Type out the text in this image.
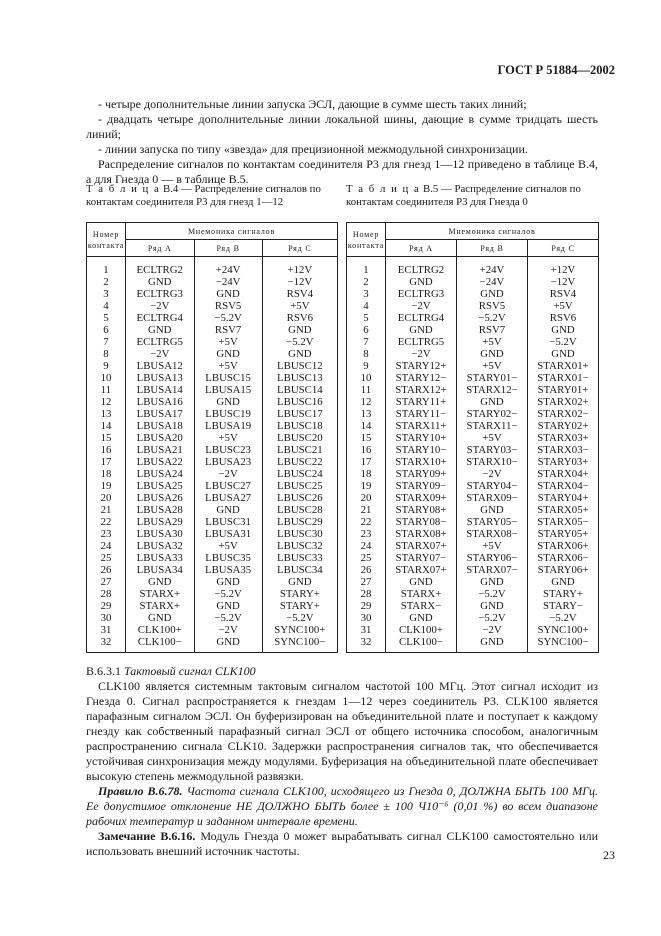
ГОСТ Р 51884—2002

- четыре дополнительные линии запуска ЭСЛ, дающие в сумме шесть таких линий;

- двадцать четыре дополнительные линии локальной шины, дающие в сумме тридцать шесть линий;

- линии запуска по типу «звезда» для прецизионной межмодульной синхронизации.

Распределение сигналов по контактам соединителя Р3 для гнезд 1—12 приведено в таблице В.4, а для Гнезда 0 — в таблице В.5.

Т а б л и ц а В.4 — Распределение сигналов по контактам соединителя Р3 для гнезд 1—12
Т а б л и ц а В.5 — Распределение сигналов по контактам соединителя Р3 для Гнезда 0
Номер контакта	Мнемоника сигналов		
	Ряд А	Ряд В	Ряд С

1	ECLTRG2	+24V	+12V
2	GND	−24V	−12V
3	ECLTRG3	GND	RSV4
4	−2V	RSV5	+5V
5	ECLTRG4	−5.2V	RSV6
6	GND	RSV7	GND
7	ECLTRG5	+5V	−5.2V
8	−2V	GND	GND
9	LBUSA12	+5V	LBUSC12
10	LBUSA13	LBUSC15	LBUSC13
11	LBUSA14	LBUSA15	LBUSC14
12	LBUSA16	GND	LBUSC16
13	LBUSA17	LBUSC19	LBUSC17
14	LBUSA18	LBUSA19	LBUSC18
15	LBUSA20	+5V	LBUSC20
16	LBUSA21	LBUSC23	LBUSC21
17	LBUSA22	LBUSA23	LBUSC22
18	LBUSA24	−2V	LBUSC24
19	LBUSA25	LBUSC27	LBUSC25
20	LBUSA26	LBUSA27	LBUSC26
21	LBUSA28	GND	LBUSC28
22	LBUSA29	LBUSC31	LBUSC29
23	LBUSA30	LBUSA31	LBUSC30
24	LBUSA32	+5V	LBUSC32
25	LBUSA33	LBUSC35	LBUSC33
26	LBUSA34	LBUSA35	LBUSC34
27	GND	GND	GND
28	STARX+	−5.2V	STARY+
29	STARX+	GND	STARY+
30	GND	−5.2V	−5.2V
31	CLK100+	−2V	SYNC100+
32	CLK100−	GND	SYNC100−
Номер контакта	Мнемоника сигналов		
	Ряд А	Ряд В	Ряд С

1	ECLTRG2	+24V	+12V
2	GND	−24V	−12V
3	ECLTRG3	GND	RSV4
4	−2V	RSV5	+5V
5	ECLTRG4	−5.2V	RSV6
6	GND	RSV7	GND
7	ECLTRG5	+5V	−5.2V
8	−2V	GND	GND
9	STARY12+	+5V	STARX01+
10	STARY12−	STARY01−	STARX01−
11	STARX12+	STARX12−	STARY01+
12	STARY11+	GND	STARX02+
13	STARY11−	STARY02−	STARX02−
14	STARX11+	STARX11−	STARY02+
15	STARY10+	+5V	STARX03+
16	STARY10−	STARY03−	STARX03−
17	STARX10+	STARX10−	STARY03+
18	STARY09+	−2V	STARX04+
19	STARY09−	STARY04−	STARX04−
20	STARX09+	STARX09−	STARY04+
21	STARY08+	GND	STARX05+
22	STARY08−	STARY05−	STARX05−
23	STARX08+	STARX08−	STARY05+
24	STARX07+	+5V	STARX06+
25	STARY07−	STARY06−	STARX06−
26	STARX07+	STARX07−	STARY06+
27	GND	GND	GND
28	STARX+	−5.2V	STARY+
29	STARX−	GND	STARY−
30	GND	−5.2V	−5.2V
31	CLK100+	−2V	SYNC100+
32	CLK100−	GND	SYNC100−

В.6.3.1 Тактовый сигнал CLK100

CLK100 является системным тактовым сигналом частотой 100 МГц. Этот сигнал исходит из Гнезда 0. Сигнал распространяется к гнездам 1—12 через соединитель Р3. CLK100 является парафазным сигналом ЭСЛ. Он буферизирован на объединительной плате и поступает к каждому гнезду как собственный парафазный сигнал ЭСЛ от общего источника способом, аналогичным распространению сигнала CLK10. Задержки распространения сигналов так, что обеспечивается устойчивая синхронизация между модулями. Буферизация на объединительной плате обеспечивает высокую степень межмодульной развязки.

Правило В.6.78. Частота сигнала CLK100, исходящего из Гнезда 0, ДОЛЖНА БЫТЬ 100 МГц. Ее допустимое отклонение НЕ ДОЛЖНО БЫТЬ более ± 100 Ч10⁻⁶ (0,01 %) во всем диапазоне рабочих температур и заданном интервале времени.

Замечание В.6.16. Модуль Гнезда 0 может вырабатывать сигнал CLK100 самостоятельно или использовать внешний источник частоты.	23
